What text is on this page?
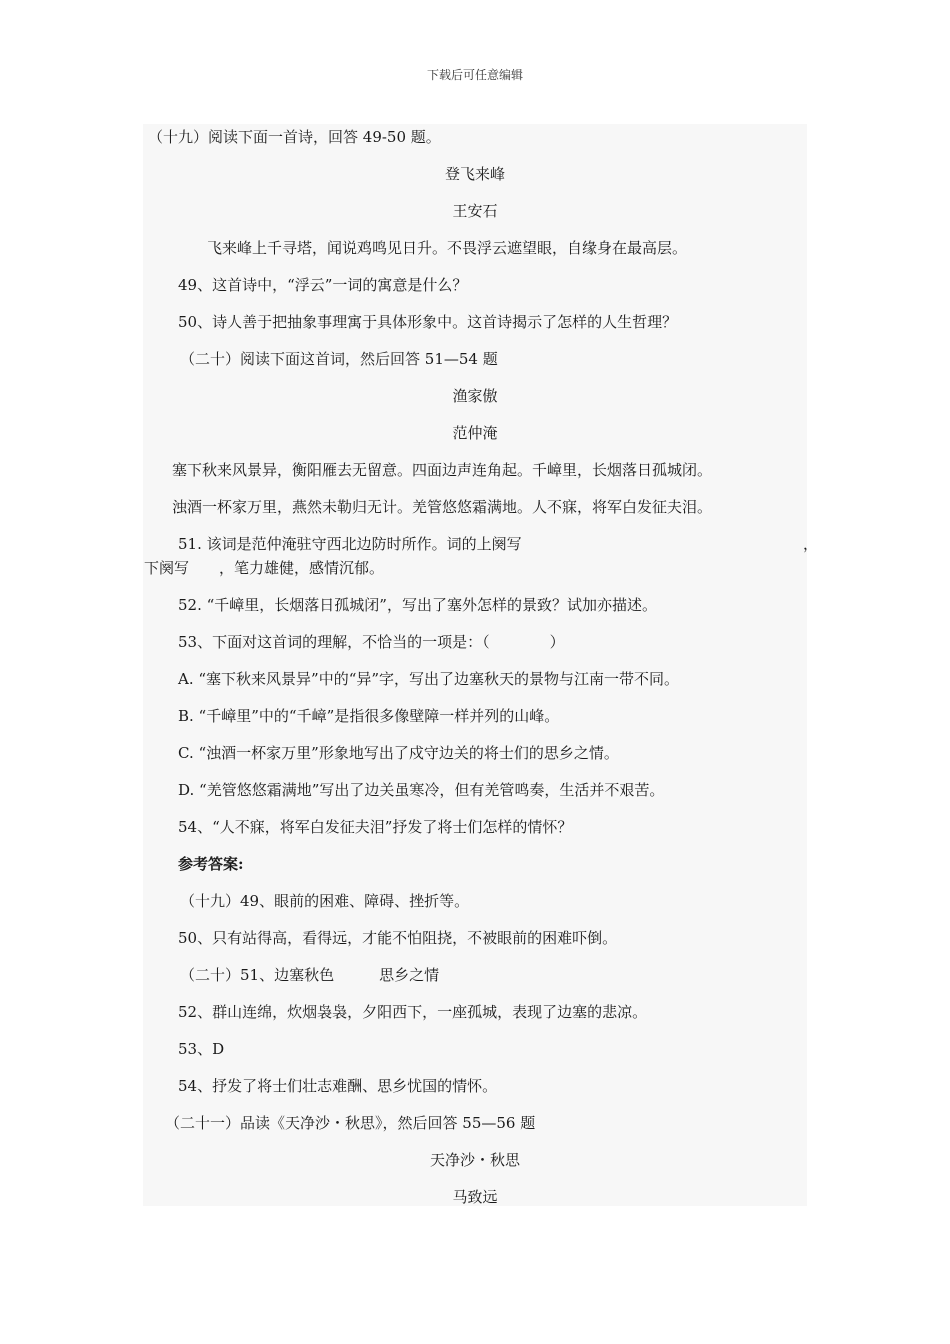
下载后可任意编辑
（十九）阅读下面一首诗，回答 49-50 题。
登飞来峰
王安石
飞来峰上千寻塔，闻说鸡鸣见日升。不畏浮云遮望眼，自缘身在最高层。
49、这首诗中，“浮云”一词的寓意是什么？
50、诗人善于把抽象事理寓于具体形象中。这首诗揭示了怎样的人生哲理？
（二十）阅读下面这首词，然后回答 51—54 题
渔家傲
范仲淹
塞下秋来风景异，衡阳雁去无留意。四面边声连角起。千嶂里，长烟落日孤城闭。
浊酒一杯家万里，燕然未勒归无计。羌管悠悠霜满地。人不寐，将军白发征夫泪。
51. 该词是范仲淹驻守西北边防时所作。词的上阕写	，
下阕写　　，笔力雄健，感情沉郁。
52. “千嶂里，长烟落日孤城闭”，写出了塞外怎样的景致？试加亦描述。
53、下面对这首词的理解，不恰当的一项是：（　　　　）
A. “塞下秋来风景异”中的“异”字，写出了边塞秋天的景物与江南一带不同。
B. “千嶂里”中的“千嶂”是指很多像壁障一样并列的山峰。
C. “浊酒一杯家万里”形象地写出了戍守边关的将士们的思乡之情。
D. “羌管悠悠霜满地”写出了边关虽寒冷，但有羌管鸣奏，生活并不艰苦。
54、“人不寐，将军白发征夫泪”抒发了将士们怎样的情怀？
参考答案:
（十九）49、眼前的困难、障碍、挫折等。
50、只有站得高，看得远，才能不怕阻挠，不被眼前的困难吓倒。
（二十）51、边塞秋色　　　思乡之情
52、群山连绵，炊烟袅袅，夕阳西下，一座孤城，表现了边塞的悲凉。
53、D
54、抒发了将士们壮志难酬、思乡忧国的情怀。
（二十一）品读《天净沙・秋思》，然后回答 55—56 题
天净沙・秋思
马致远
